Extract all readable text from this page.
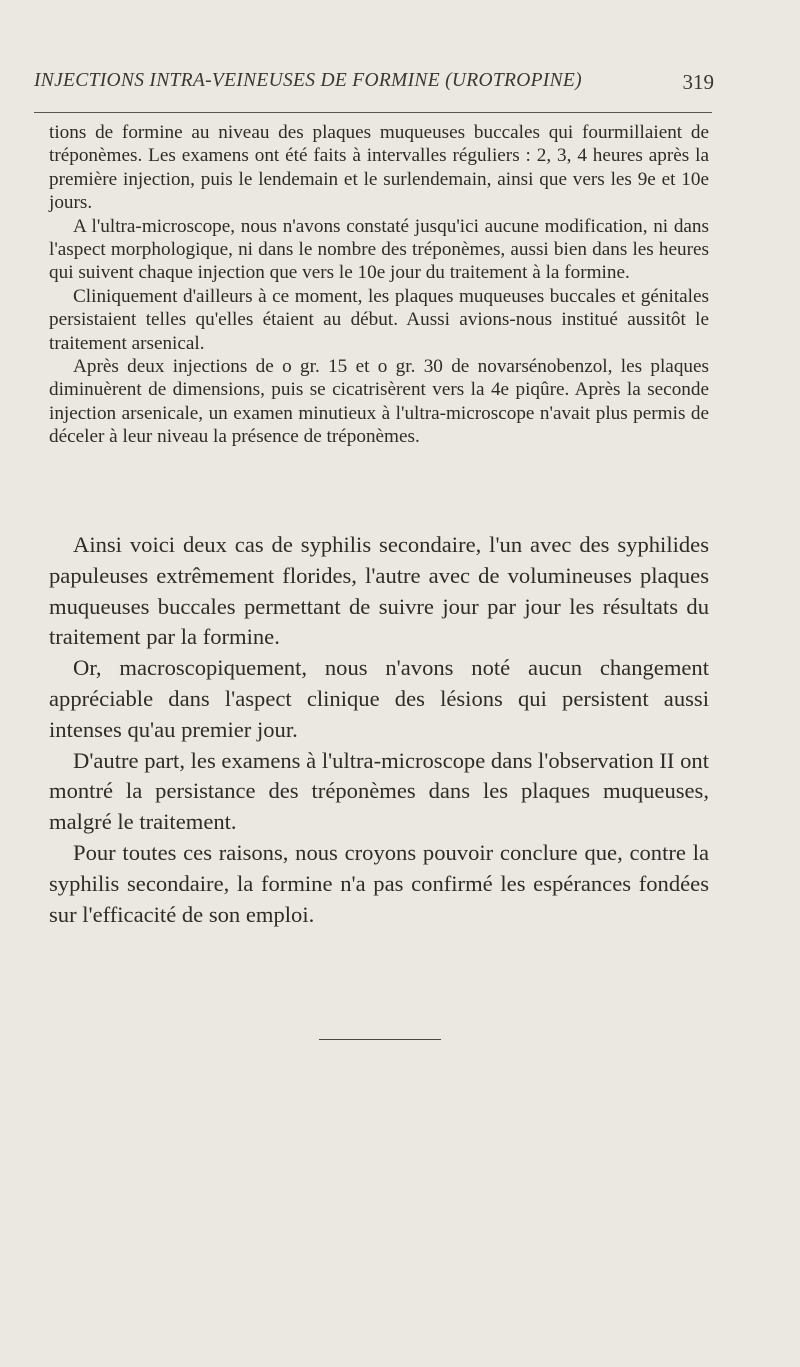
INJECTIONS INTRA-VEINEUSES DE FORMINE (UROTROPINE)	319

tions de formine au niveau des plaques muqueuses buccales qui fourmillaient de tréponèmes. Les examens ont été faits à intervalles réguliers : 2, 3, 4 heures après la première injection, puis le lendemain et le surlendemain, ainsi que vers les 9e et 10e jours.

A l'ultra-microscope, nous n'avons constaté jusqu'ici aucune modification, ni dans l'aspect morphologique, ni dans le nombre des tréponèmes, aussi bien dans les heures qui suivent chaque injection que vers le 10e jour du traitement à la formine.

Cliniquement d'ailleurs à ce moment, les plaques muqueuses buccales et génitales persistaient telles qu'elles étaient au début. Aussi avions-nous institué aussitôt le traitement arsenical.

Après deux injections de o gr. 15 et o gr. 30 de novarsénobenzol, les plaques diminuèrent de dimensions, puis se cicatrisèrent vers la 4e piqûre. Après la seconde injection arsenicale, un examen minutieux à l'ultra-microscope n'avait plus permis de déceler à leur niveau la présence de tréponèmes.

Ainsi voici deux cas de syphilis secondaire, l'un avec des syphilides papuleuses extrêmement florides, l'autre avec de volumineuses plaques muqueuses buccales permettant de suivre jour par jour les résultats du traitement par la formine.

Or, macroscopiquement, nous n'avons noté aucun changement appréciable dans l'aspect clinique des lésions qui persistent aussi intenses qu'au premier jour.

D'autre part, les examens à l'ultra-microscope dans l'observation II ont montré la persistance des tréponèmes dans les plaques muqueuses, malgré le traitement.

Pour toutes ces raisons, nous croyons pouvoir conclure que, contre la syphilis secondaire, la formine n'a pas confirmé les espérances fondées sur l'efficacité de son emploi.
